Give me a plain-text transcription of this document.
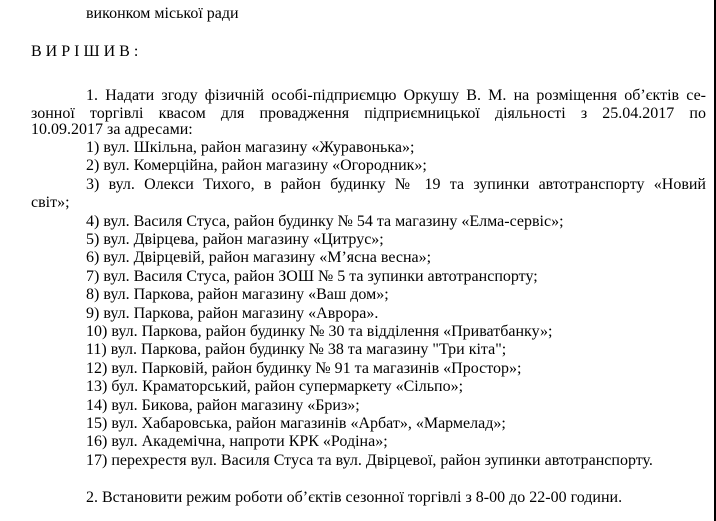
виконком міської ради
В И Р І Ш И В :
1. Надати згоду фізичній особі-підприємцю Оркушу В. М. на розміщення об’єктів се-
зонної торгівлі квасом для провадження підприємницької діяльності з 25.04.2017 по
10.09.2017 за адресами:
1) вул. Шкільна, район магазину «Журавонька»;
2) вул. Комерційна, район магазину «Огородник»;
3) вул. Олекси Тихого, в район будинку № 19 та зупинки автотранспорту «Новий
світ»;
4) вул. Василя Стуса, район будинку № 54 та магазину «Елма-сервіс»;
5) вул. Двірцева, район магазину «Цитрус»;
6) вул. Двірцевій, район магазину «М’ясна весна»;
7) вул. Василя Стуса, район ЗОШ № 5 та зупинки автотранспорту;
8) вул. Паркова, район магазину «Ваш дом»;
9) вул. Паркова, район магазину «Аврора».
10) вул. Паркова, район будинку № 30 та відділення «Приватбанку»;
11) вул. Паркова, район будинку № 38 та магазину "Три кіта";
12) вул. Парковій, район будинку № 91 та магазинів «Простор»;
13) бул. Краматорський, район супермаркету «Сільпо»;
14) вул. Бикова, район магазину «Бриз»;
15) вул. Хабаровська, район магазинів «Арбат», «Мармелад»;
16) вул. Академічна, напроти КРК «Родіна»;
17) перехрестя вул. Василя Стуса та вул. Двірцевої, район зупинки автотранспорту.
2. Встановити режим роботи об’єктів сезонної торгівлі з 8-00 до 22-00 години.
